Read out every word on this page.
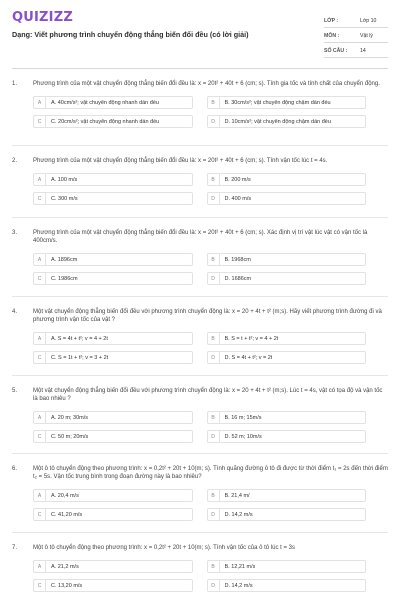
QUIZIZZ
Dạng: Viết phương trình chuyển động thẳng biến đổi đều (có lời giải)
LỚP :	Lớp 10
MÔN :	Vật lý
SỐ CÂU :	14
1.	Phương trình của một vật chuyển động thẳng biến đổi đều là: x = 20t² + 40t + 6 (cm; s). Tính gia tốc và tính chất của chuyển động.
A	A. 40cm/s²; vật chuyển động nhanh dần đều	B	B. 30cm/s²; vật chuyển động chậm dần đều
C	C. 20cm/s²; vật chuyển động nhanh dần đều	D	D. 10cm/s²; vật chuyển động chậm dần đều
2.	Phương trình của một vật chuyển động thẳng biến đổi đều là: x = 20t² + 40t + 6 (cm; s). Tính vận tốc lúc t = 4s.
A	A. 100 m/s	B	B. 200 m/s
C	C. 300 m/s	D	D. 400 m/s
3.	Phương trình của một vật chuyển động thẳng biến đổi đều là: x = 20t² + 40t + 6 (cm; s). Xác định vị trí vật lúc vật có vận tốc là 400cm/s.
A	A. 1896cm	B	B. 1968cm
C	C. 1986cm	D	D. 1686cm
4.	Một vật chuyển động thẳng biến đổi đều với phương trình chuyển động là: x = 20 + 4t + t² (m;s). Hãy viết phương trình đường đi và phương trình vận tốc của vật ?
A	A. S = 4t + t²; v = 4 + 2t	B	B. S = t + t²; v = 4 + 2t
C	C. S = 1t + t²; v = 3 + 2t	D	D. S = 4t + t²; v = 2t
5.	Một vật chuyển động thẳng biến đổi đều với phương trình chuyển động là: x = 20 + 4t + t² (m;s). Lúc t = 4s, vật có tọa độ và vận tốc là bao nhiêu ?
A	A. 20 m; 30m/s	B	B. 16 m; 15m/s
C	C. 50 m; 20m/s	D	D. 52 m; 10m/s
6.	Một ô tô chuyển động theo phương trình: x = 0,2t² + 20t + 10(m; s). Tính quãng đường ô tô đi được từ thời điểm t₁ = 2s đến thời điểm t₂ = 5s. Vận tốc trung bình trong đoạn đường này là bao nhiêu?
A	A. 20,4 m/s	B	B. 21,4 m/
C	C. 41,20 m/s	D	D. 14,2 m/s
7.	Một ô tô chuyển động theo phương trình: x = 0,2t² + 20t + 10(m; s). Tính vận tốc của ô tô lúc t = 3s
A	A. 21,2 m/s	B	B. 12,21 m/s
C	C. 13,20 m/s	D	D. 14,2 m/s
